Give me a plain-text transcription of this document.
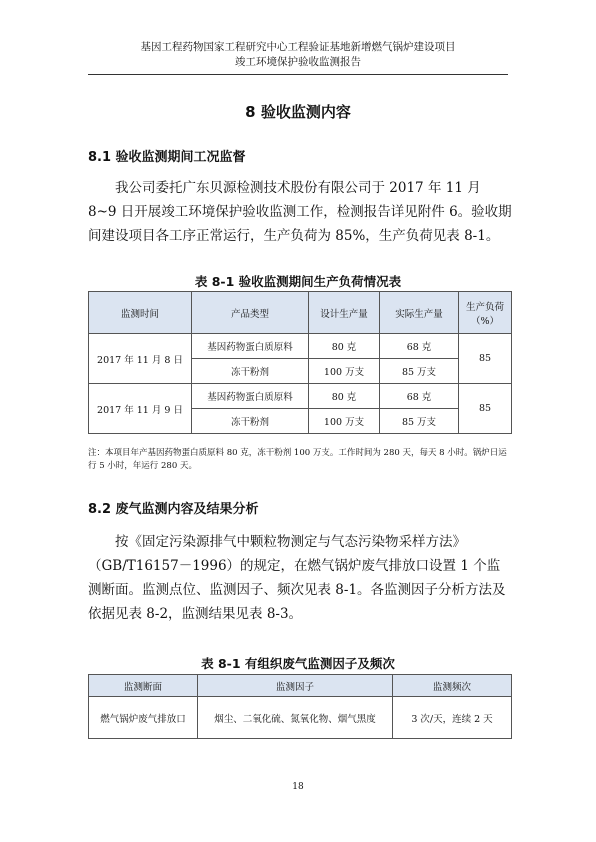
基因工程药物国家工程研究中心工程验证基地新增燃气锅炉建设项目
竣工环境保护验收监测报告
8 验收监测内容
8.1 验收监测期间工况监督

我公司委托广东贝源检测技术股份有限公司于 2017 年 11 月 8~9 日开展竣工环境保护验收监测工作，检测报告详见附件 6。验收期间建设项目各工序正常运行，生产负荷为 85%，生产负荷见表 8-1。

表 8-1 验收监测期间生产负荷情况表
监测时间	产品类型	设计生产量	实际生产量	生产负荷
（%）

2017 年 11 月 8 日	基因药物蛋白质原料	80 克	68 克	85
	冻干粉剂	100 万支	85 万支	
2017 年 11 月 9 日	基因药物蛋白质原料	80 克	68 克	85
	冻干粉剂	100 万支	85 万支	
注：本项目年产基因药物蛋白质原料 80 克，冻干粉剂 100 万支。工作时间为 280 天，每天 8 小时。锅炉日运行 5 小时，年运行 280 天。
8.2 废气监测内容及结果分析

按《固定污染源排气中颗粒物测定与气态污染物采样方法》（GB/T16157－1996）的规定，在燃气锅炉废气排放口设置 1 个监测断面。监测点位、监测因子、频次见表 8-1。各监测因子分析方法及依据见表 8-2，监测结果见表 8-3。

表 8-1 有组织废气监测因子及频次
监测断面	监测因子	监测频次
燃气锅炉废气排放口	烟尘、二氧化硫、氮氧化物、烟气黑度	3 次/天，连续 2 天
18
